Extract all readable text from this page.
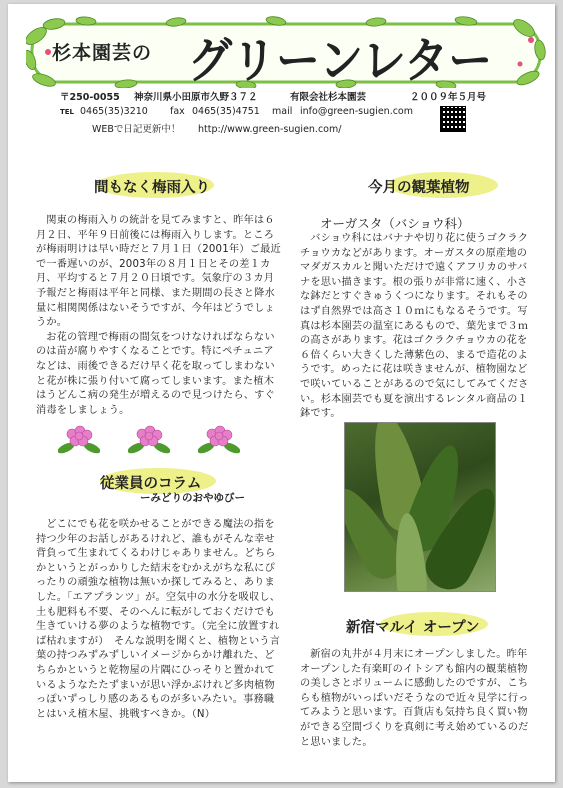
杉本園芸の グリーンレター
〒250-0055 神奈川県小田原市久野３７２	有限会社杉本園芸	２００９年５月号
TEL 0465(35)3210 fax 0465(35)4751 mail info@green-sugien.com
WEBで日記更新中！ http://www.green-sugien.com/
間もなく梅雨入り

関東の梅雨入りの統計を見てみますと、昨年は６月２日、平年９日前後には梅雨入りします。ところが梅雨明けは早い時だと７月１日（2001年）ご最近で一番遅いのが、2003年の８月１日とその差１カ月、平均すると７月２０日頃です。気象庁の３カ月予報だと梅雨は平年と同様、また期間の長さと降水量に相関関係はないそうですが、今年はどうでしょうか。

お花の管理で梅雨の間気をつけなければならないのは苗が腐りやすくなることです。特にペチュニアなどは、雨後できるだけ早く花を取ってしまわないと花が株に張り付いて腐ってしまいます。また植木はうどんこ病の発生が増えるので見つけたら、すぐ消毒をしましょう。

従業員のコラム
ーみどりのおやゆびー

どこにでも花を咲かせることができる魔法の指を持つ少年のお話しがあるけれど、誰もがそんな幸せ背負って生まれてくるわけじゃありません。どちらかというとがっかりした結末をむかえがちな私にぴったりの頑強な植物は無いか探してみると、ありました。「エアプランツ」が。空気中の水分を吸収し、土も肥料も不要、そのへんに転がしておくだけでも生きていける夢のような植物です。（完全に放置すれば枯れますが）　そんな説明を聞くと、植物という言葉の持つみずみずしいイメージからかけ離れた、どちらかというと乾物屋の片隅にひっそりと置かれているようなたたずまいが思い浮かぶけれど多肉植物っぽいずっしり感のあるものが多いみたい。事務職とはいえ植木屋、挑戦すべきか。（N）

今月の観葉植物
オーガスタ（バショウ科）

バショウ科にはバナナや切り花に使うゴクラクチョウカなどがあります。オーガスタの原産地のマダガスカルと聞いただけで遠くアフリカのサバナを思い描きます。根の張りが非常に速く、小さな鉢だとすぐきゅうくつになります。それもそのはず自然界では高さ１０ｍにもなるそうです。写真は杉本園芸の温室にあるもので、葉先まで３ｍの高さがあります。花はゴクラクチョウカの花を６倍くらい大きくした薄紫色の、まるで造花のようです。めったに花は咲きませんが、植物園などで咲いていることがあるので気にしてみてください。杉本園芸でも夏を演出するレンタル商品の１鉢です。

新宿マルイ オープン

新宿の丸井が４月末にオープンしました。昨年オープンした有楽町のイトシアも館内の観葉植物の美しさとボリュームに感動したのですが、こちらも植物がいっぱいだそうなので近々見学に行ってみようと思います。百貨店も気持ち良く買い物ができる空間づくりを真剣に考え始めているのだと思いました。
